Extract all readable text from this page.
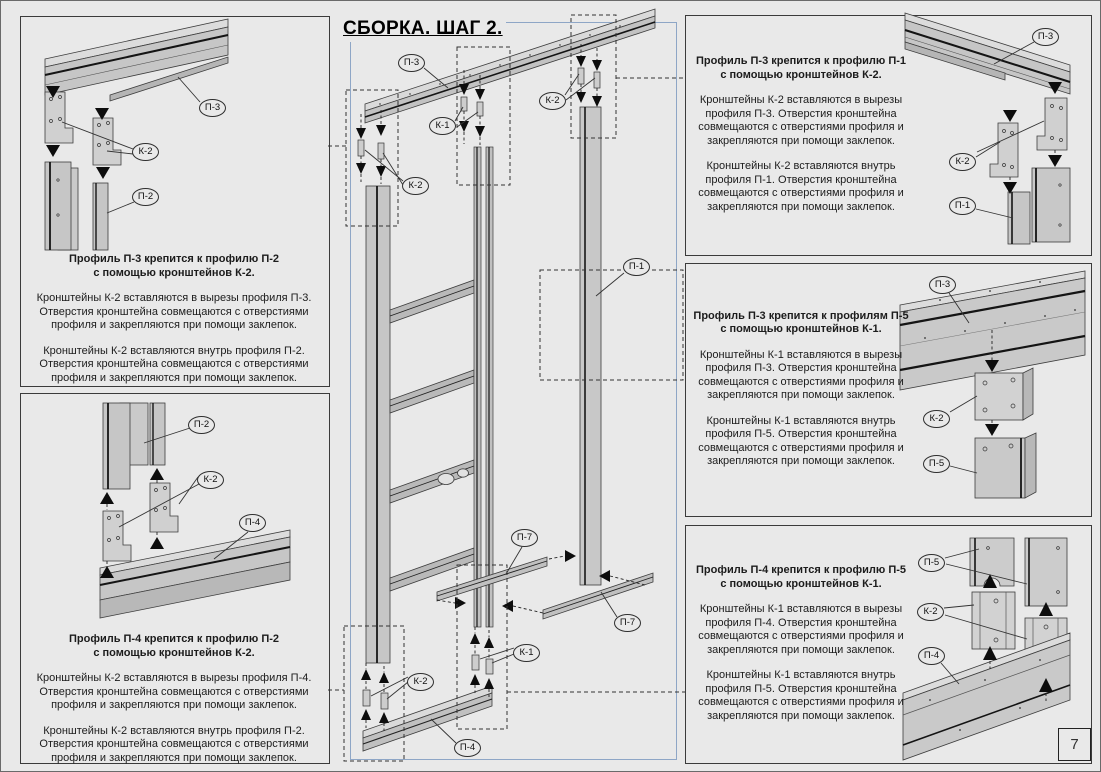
СБОРКА. ШАГ 2.
П-3
К-1
К-2
К-2
П-1
П-7
П-7
К-1
К-2
П-4
П-3
К-2
П-2
П-2
К-2
П-4
П-3
К-2
П-1
П-3
К-2
П-5
П-5
К-2
П-4
Профиль П-3 крепится к профилю П-2
с помощью кронштейнов К-2.
Кронштейны К-2 вставляются в вырезы профиля П-3. Отверстия кронштейна совмещаются с отверстиями профиля и закрепляются при помощи заклепок.
Кронштейны К-2 вставляются внутрь профиля П-2. Отверстия кронштейна совмещаются с отверстиями профиля и закрепляются при помощи заклепок.
Профиль П-4 крепится к профилю П-2
с помощью кронштейнов К-2.
Кронштейны К-2 вставляются в вырезы профиля П-4. Отверстия кронштейна совмещаются с отверстиями профиля и закрепляются при помощи заклепок.
Кронштейны К-2 вставляются внутрь профиля П-2. Отверстия кронштейна совмещаются с отверстиями профиля и закрепляются при помощи заклепок.
Профиль П-3 крепится к профилю П-1
с помощью кронштейнов К-2.
Кронштейны К-2 вставляются в вырезы профиля П-3. Отверстия кронштейна совмещаются с отверстиями профиля и закрепляются при помощи заклепок.
Кронштейны К-2 вставляются внутрь профиля П-1. Отверстия кронштейна совмещаются с отверстиями профиля и закрепляются при помощи заклепок.
Профиль П-3 крепится к профилям П-5
с помощью кронштейнов К-1.
Кронштейны К-1 вставляются в вырезы профиля П-3. Отверстия кронштейна совмещаются с отверстиями профиля и закрепляются при помощи заклепок.
Кронштейны К-1 вставляются внутрь профиля П-5. Отверстия кронштейна совмещаются с отверстиями профиля и закрепляются при помощи заклепок.
Профиль П-4 крепится к профилю П-5
с помощью кронштейнов К-1.
Кронштейны К-1 вставляются в вырезы профиля П-4. Отверстия кронштейна совмещаются с отверстиями профиля и закрепляются при помощи заклепок.
Кронштейны К-1 вставляются внутрь профиля П-5. Отверстия кронштейна совмещаются с отверстиями профиля и закрепляются при помощи заклепок.
7
